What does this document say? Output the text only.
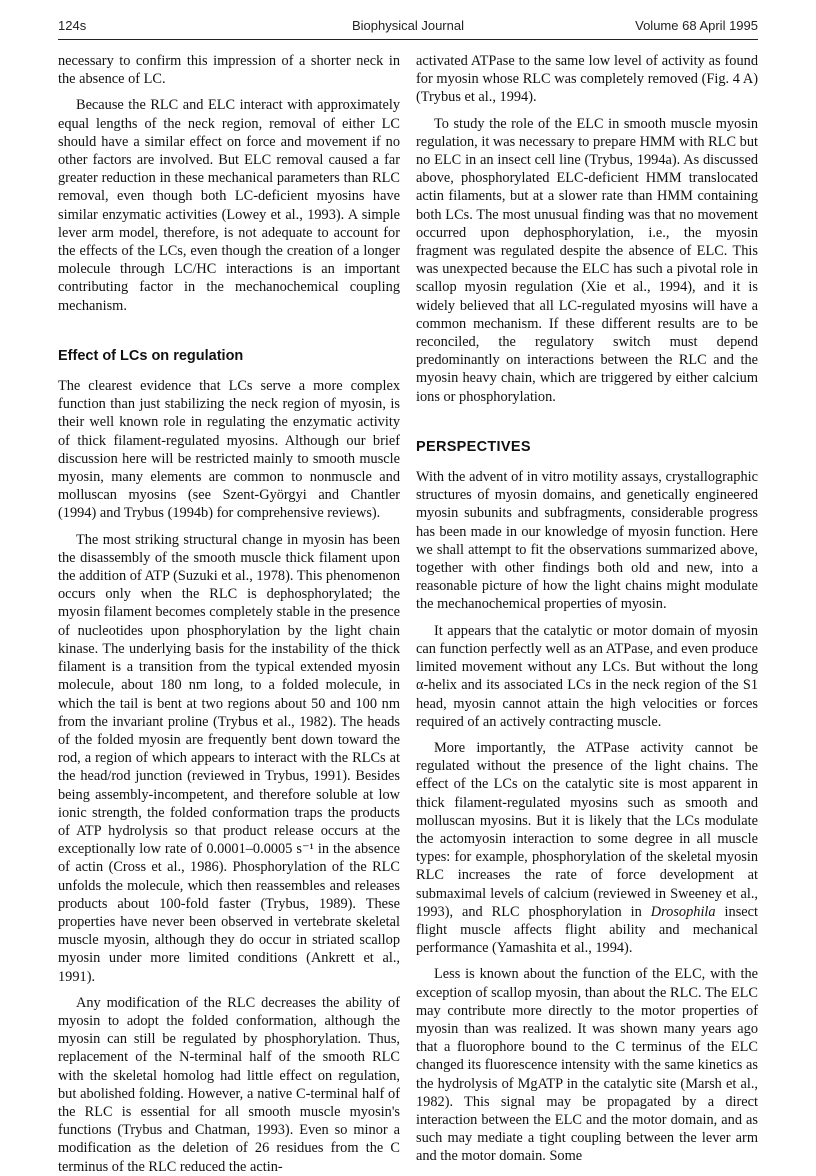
124s	Biophysical Journal	Volume 68 April 1995

necessary to confirm this impression of a shorter neck in the absence of LC.

Because the RLC and ELC interact with approximately equal lengths of the neck region, removal of either LC should have a similar effect on force and movement if no other factors are involved. But ELC removal caused a far greater reduction in these mechanical parameters than RLC removal, even though both LC-deficient myosins have similar enzymatic activities (Lowey et al., 1993). A simple lever arm model, therefore, is not adequate to account for the effects of the LCs, even though the creation of a longer molecule through LC/HC interactions is an important contributing factor in the mechanochemical coupling mechanism.

Effect of LCs on regulation

The clearest evidence that LCs serve a more complex function than just stabilizing the neck region of myosin, is their well known role in regulating the enzymatic activity of thick filament-regulated myosins. Although our brief discussion here will be restricted mainly to smooth muscle myosin, many elements are common to nonmuscle and molluscan myosins (see Szent-Györgyi and Chantler (1994) and Trybus (1994b) for comprehensive reviews).

The most striking structural change in myosin has been the disassembly of the smooth muscle thick filament upon the addition of ATP (Suzuki et al., 1978). This phenomenon occurs only when the RLC is dephosphorylated; the myosin filament becomes completely stable in the presence of nucleotides upon phosphorylation by the light chain kinase. The underlying basis for the instability of the thick filament is a transition from the typical extended myosin molecule, about 180 nm long, to a folded molecule, in which the tail is bent at two regions about 50 and 100 nm from the invariant proline (Trybus et al., 1982). The heads of the folded myosin are frequently bent down toward the rod, a region of which appears to interact with the RLCs at the head/rod junction (reviewed in Trybus, 1991). Besides being assembly-incompetent, and therefore soluble at low ionic strength, the folded conformation traps the products of ATP hydrolysis so that product release occurs at the exceptionally low rate of 0.0001–0.0005 s⁻¹ in the absence of actin (Cross et al., 1986). Phosphorylation of the RLC unfolds the molecule, which then reassembles and releases products about 100-fold faster (Trybus, 1989). These properties have never been observed in vertebrate skeletal muscle myosin, although they do occur in striated scallop myosin under more limited conditions (Ankrett et al., 1991).

Any modification of the RLC decreases the ability of myosin to adopt the folded conformation, although the myosin can still be regulated by phosphorylation. Thus, replacement of the N-terminal half of the smooth RLC with the skeletal homolog had little effect on regulation, but abolished folding. However, a native C-terminal half of the RLC is essential for all smooth muscle myosin's functions (Trybus and Chatman, 1993). Even so minor a modification as the deletion of 26 residues from the C terminus of the RLC reduced the actin-

activated ATPase to the same low level of activity as found for myosin whose RLC was completely removed (Fig. 4 A) (Trybus et al., 1994).

To study the role of the ELC in smooth muscle myosin regulation, it was necessary to prepare HMM with RLC but no ELC in an insect cell line (Trybus, 1994a). As discussed above, phosphorylated ELC-deficient HMM translocated actin filaments, but at a slower rate than HMM containing both LCs. The most unusual finding was that no movement occurred upon dephosphorylation, i.e., the myosin fragment was regulated despite the absence of ELC. This was unexpected because the ELC has such a pivotal role in scallop myosin regulation (Xie et al., 1994), and it is widely believed that all LC-regulated myosins will have a common mechanism. If these different results are to be reconciled, the regulatory switch must depend predominantly on interactions between the RLC and the myosin heavy chain, which are triggered by either calcium ions or phosphorylation.

PERSPECTIVES

With the advent of in vitro motility assays, crystallographic structures of myosin domains, and genetically engineered myosin subunits and subfragments, considerable progress has been made in our knowledge of myosin function. Here we shall attempt to fit the observations summarized above, together with other findings both old and new, into a reasonable picture of how the light chains might modulate the mechanochemical properties of myosin.

It appears that the catalytic or motor domain of myosin can function perfectly well as an ATPase, and even produce limited movement without any LCs. But without the long α-helix and its associated LCs in the neck region of the S1 head, myosin cannot attain the high velocities or forces required of an actively contracting muscle.

More importantly, the ATPase activity cannot be regulated without the presence of the light chains. The effect of the LCs on the catalytic site is most apparent in thick filament-regulated myosins such as smooth and molluscan myosins. But it is likely that the LCs modulate the actomyosin interaction to some degree in all muscle types: for example, phosphorylation of the skeletal myosin RLC increases the rate of force development at submaximal levels of calcium (reviewed in Sweeney et al., 1993), and RLC phosphorylation in Drosophila insect flight muscle affects flight ability and mechanical performance (Yamashita et al., 1994).

Less is known about the function of the ELC, with the exception of scallop myosin, than about the RLC. The ELC may contribute more directly to the motor properties of myosin than was realized. It was shown many years ago that a fluorophore bound to the C terminus of the ELC changed its fluorescence intensity with the same kinetics as the hydrolysis of MgATP in the catalytic site (Marsh et al., 1982). This signal may be propagated by a direct interaction between the ELC and the motor domain, and as such may mediate a tight coupling between the lever arm and the motor domain. Some
